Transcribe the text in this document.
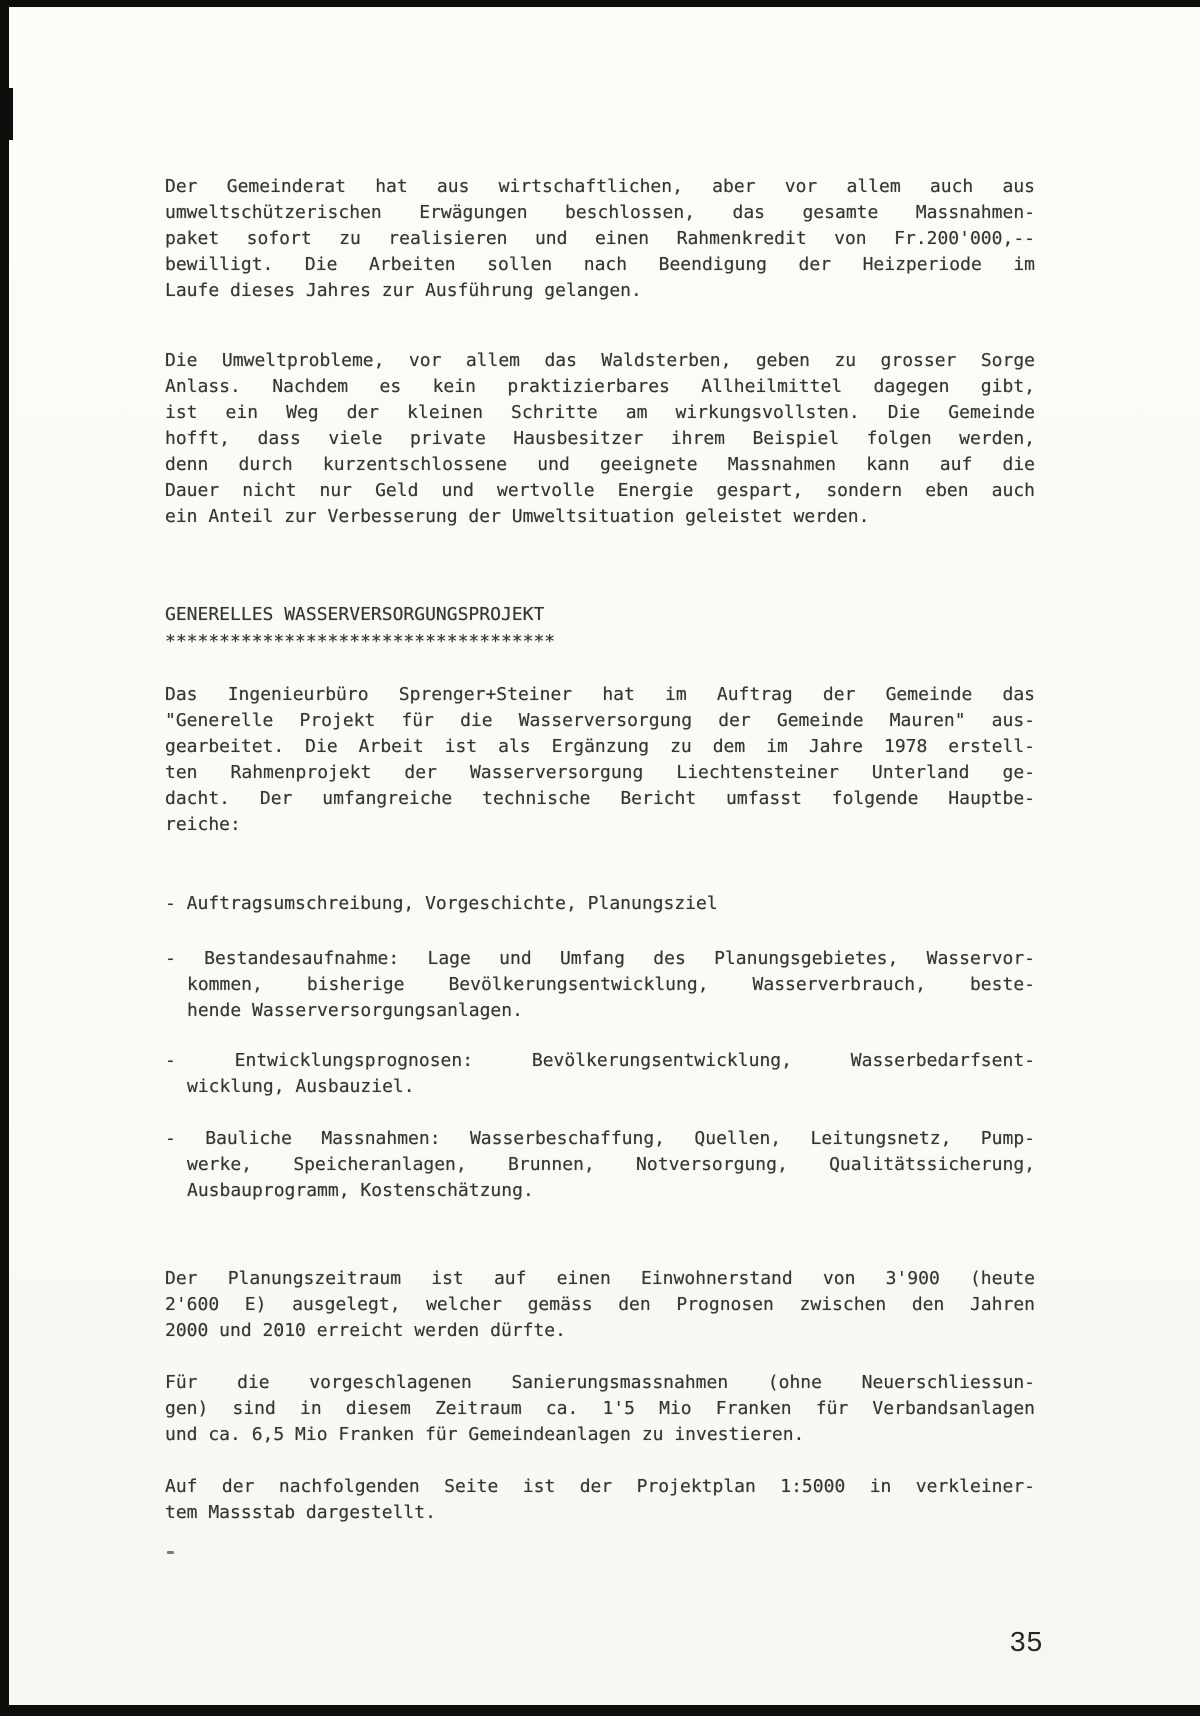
Der Gemeinderat hat aus wirtschaftlichen, aber vor allem auch aus
umweltschützerischen Erwägungen beschlossen, das gesamte Massnahmen-
paket sofort zu realisieren und einen Rahmenkredit von Fr.200'000,--
bewilligt. Die Arbeiten sollen nach Beendigung der Heizperiode im
Laufe dieses Jahres zur Ausführung gelangen.
Die Umweltprobleme, vor allem das Waldsterben, geben zu grosser Sorge
Anlass. Nachdem es kein praktizierbares Allheilmittel dagegen gibt,
ist ein Weg der kleinen Schritte am wirkungsvollsten. Die Gemeinde
hofft, dass viele private Hausbesitzer ihrem Beispiel folgen werden,
denn durch kurzentschlossene und geeignete Massnahmen kann auf die
Dauer nicht nur Geld und wertvolle Energie gespart, sondern eben auch
ein Anteil zur Verbesserung der Umweltsituation geleistet werden.
GENERELLES WASSERVERSORGUNGSPROJEKT
************************************
Das Ingenieurbüro Sprenger+Steiner hat im Auftrag der Gemeinde das
"Generelle Projekt für die Wasserversorgung der Gemeinde Mauren" aus-
gearbeitet. Die Arbeit ist als Ergänzung zu dem im Jahre 1978 erstell-
ten Rahmenprojekt der Wasserversorgung Liechtensteiner Unterland ge-
dacht. Der umfangreiche technische Bericht umfasst folgende Hauptbe-
reiche:
- Auftragsumschreibung, Vorgeschichte, Planungsziel
- Bestandesaufnahme: Lage und Umfang des Planungsgebietes, Wasservor-
kommen, bisherige Bevölkerungsentwicklung, Wasserverbrauch, beste-
hende Wasserversorgungsanlagen.
- Entwicklungsprognosen: Bevölkerungsentwicklung, Wasserbedarfsent-
wicklung, Ausbauziel.
- Bauliche Massnahmen: Wasserbeschaffung, Quellen, Leitungsnetz, Pump-
werke, Speicheranlagen, Brunnen, Notversorgung, Qualitätssicherung,
Ausbauprogramm, Kostenschätzung.
Der Planungszeitraum ist auf einen Einwohnerstand von 3'900 (heute
2'600 E) ausgelegt, welcher gemäss den Prognosen zwischen den Jahren
2000 und 2010 erreicht werden dürfte.
Für die vorgeschlagenen Sanierungsmassnahmen (ohne Neuerschliessun-
gen) sind in diesem Zeitraum ca. 1'5 Mio Franken für Verbandsanlagen
und ca. 6,5 Mio Franken für Gemeindeanlagen zu investieren.
Auf der nachfolgenden Seite ist der Projektplan 1:5000 in verkleiner-
tem Massstab dargestellt.
35
